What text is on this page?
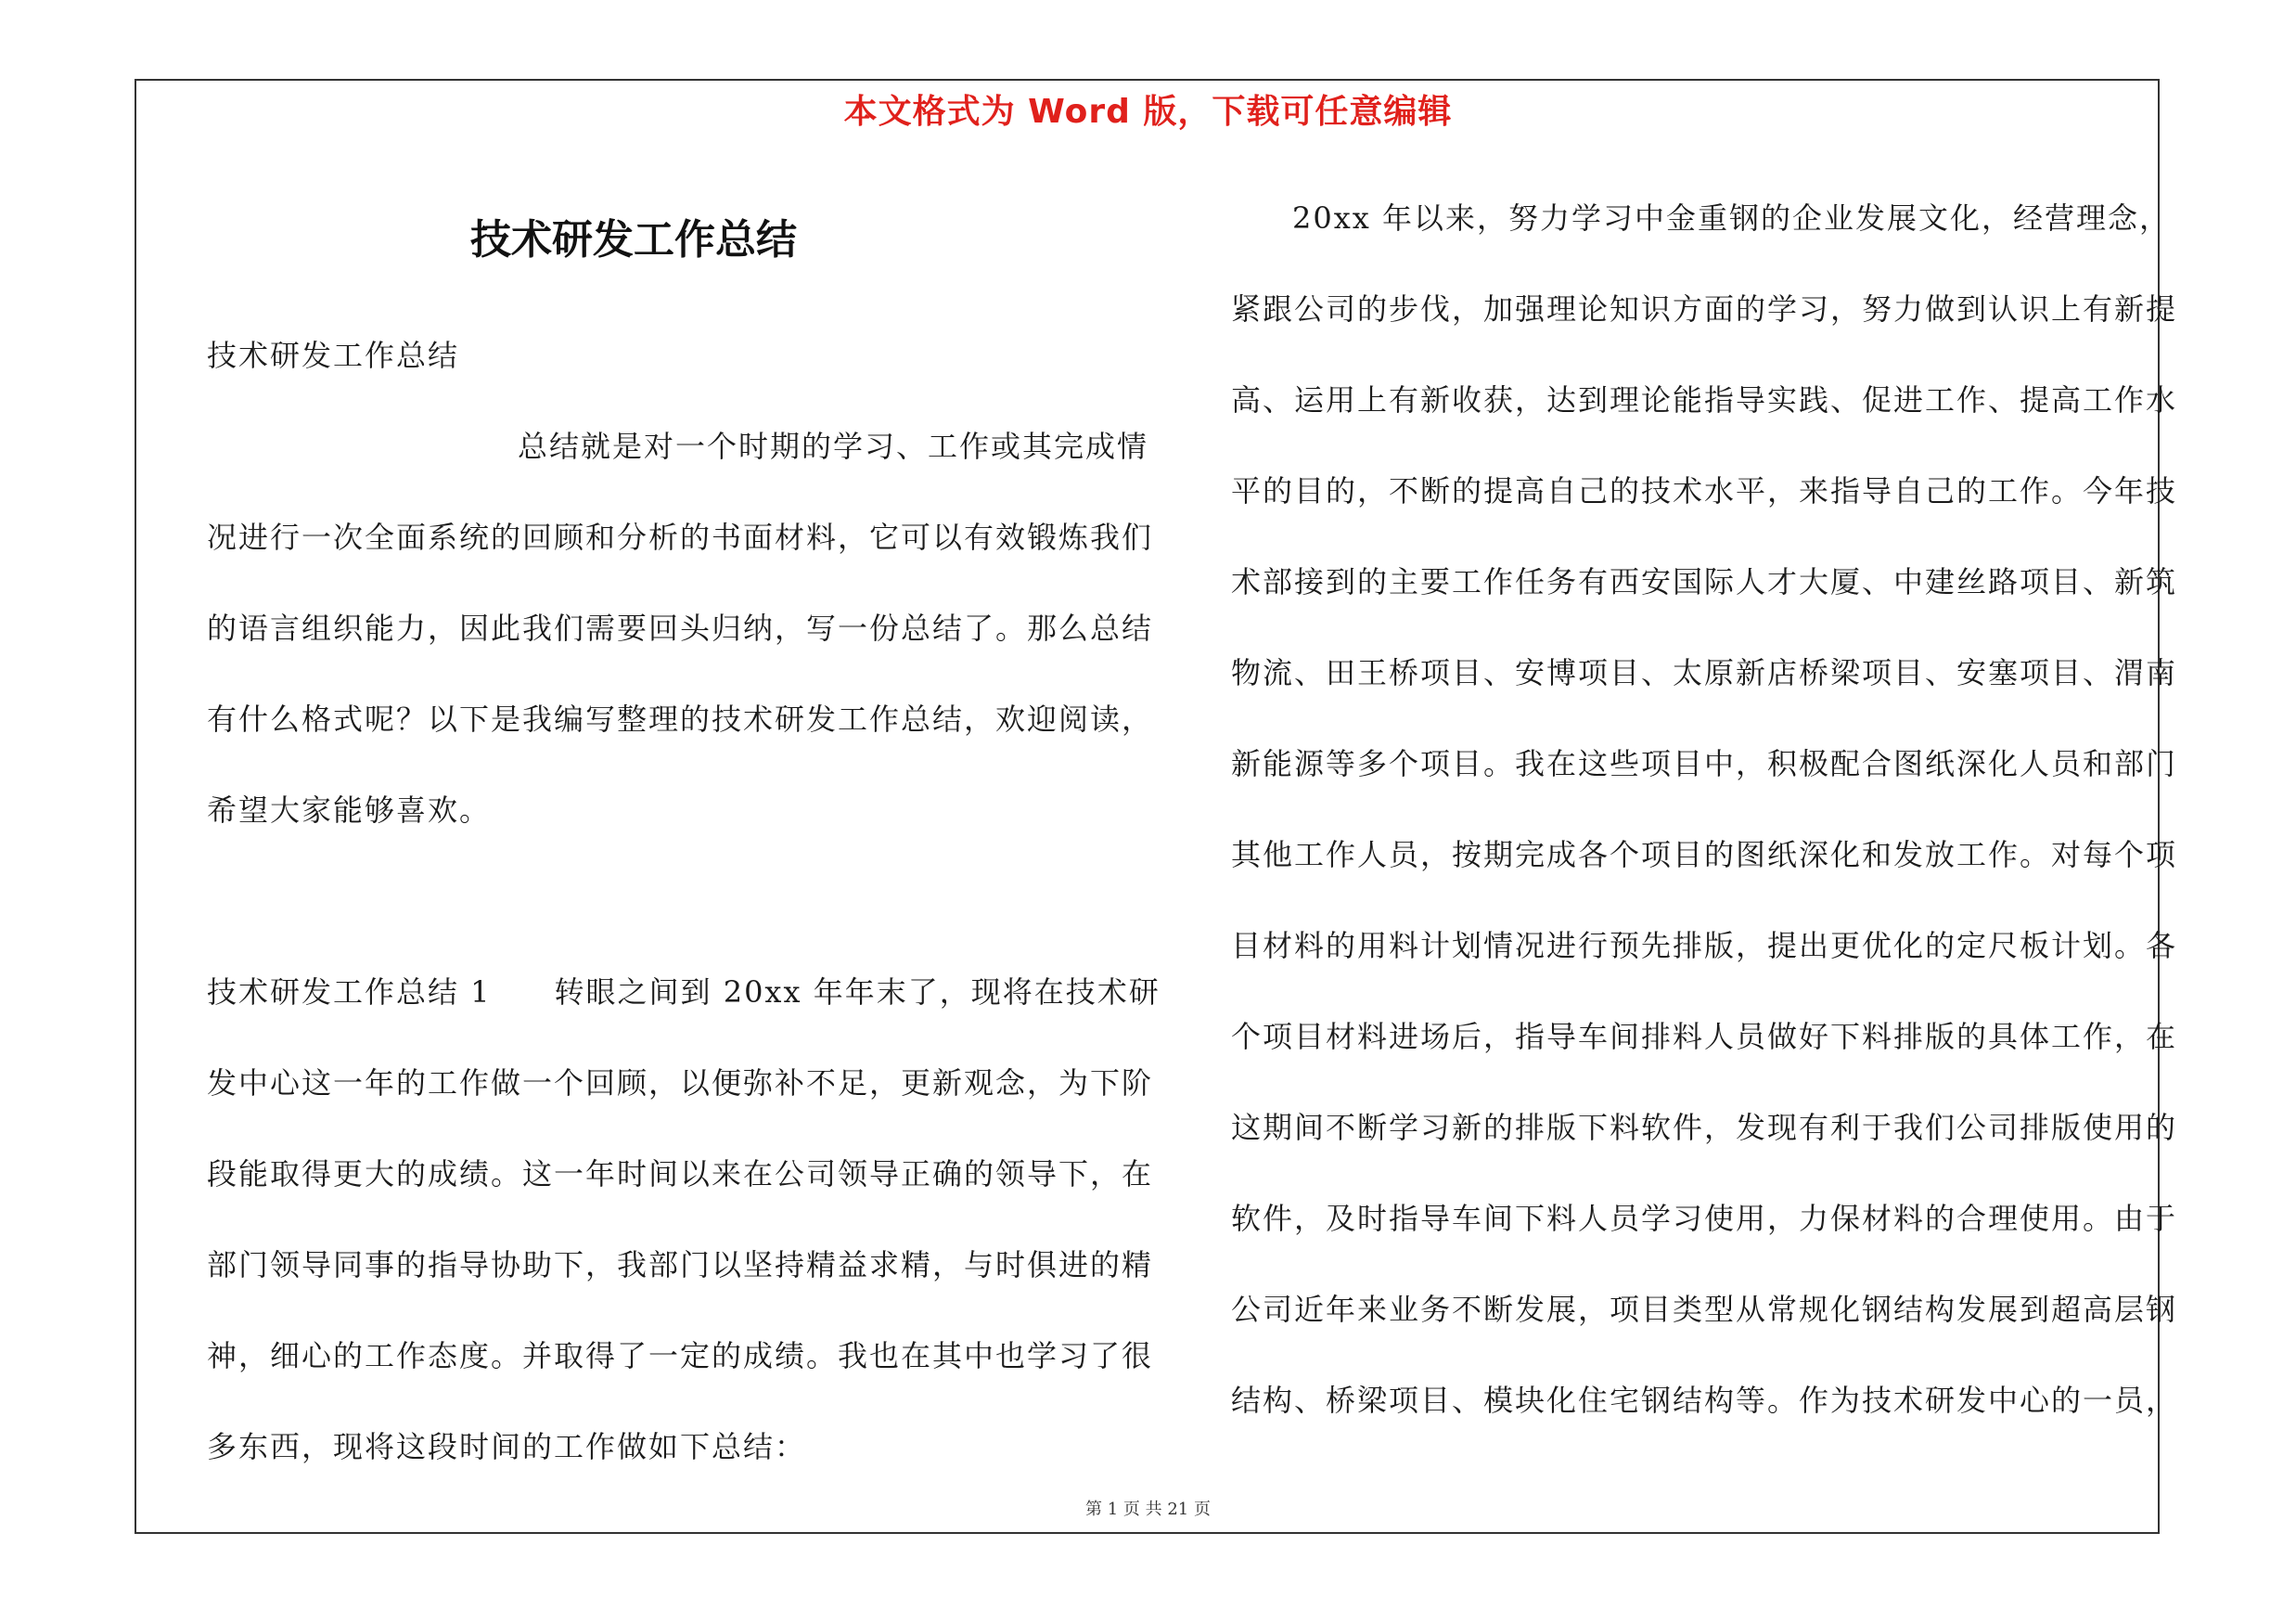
本文格式为 Word 版，下载可任意编辑
技术研发工作总结
技术研发工作总结
总结就是对一个时期的学习、工作或其完成情
况进行一次全面系统的回顾和分析的书面材料，它可以有效锻炼我们
的语言组织能力，因此我们需要回头归纳，写一份总结了。那么总结
有什么格式呢？以下是我编写整理的技术研发工作总结，欢迎阅读，
希望大家能够喜欢。
技术研发工作总结 1　　转眼之间到 20xx 年年末了，现将在技术研
发中心这一年的工作做一个回顾，以便弥补不足，更新观念，为下阶
段能取得更大的成绩。这一年时间以来在公司领导正确的领导下，在
部门领导同事的指导协助下，我部门以坚持精益求精，与时俱进的精
神，细心的工作态度。并取得了一定的成绩。我也在其中也学习了很
多东西，现将这段时间的工作做如下总结：
20xx 年以来，努力学习中金重钢的企业发展文化，经营理念，
紧跟公司的步伐，加强理论知识方面的学习，努力做到认识上有新提
高、运用上有新收获，达到理论能指导实践、促进工作、提高工作水
平的目的，不断的提高自己的技术水平，来指导自己的工作。今年技
术部接到的主要工作任务有西安国际人才大厦、中建丝路项目、新筑
物流、田王桥项目、安博项目、太原新店桥梁项目、安塞项目、渭南
新能源等多个项目。我在这些项目中，积极配合图纸深化人员和部门
其他工作人员，按期完成各个项目的图纸深化和发放工作。对每个项
目材料的用料计划情况进行预先排版，提出更优化的定尺板计划。各
个项目材料进场后，指导车间排料人员做好下料排版的具体工作，在
这期间不断学习新的排版下料软件，发现有利于我们公司排版使用的
软件，及时指导车间下料人员学习使用，力保材料的合理使用。由于
公司近年来业务不断发展，项目类型从常规化钢结构发展到超高层钢
结构、桥梁项目、模块化住宅钢结构等。作为技术研发中心的一员，
第 1 页 共 21 页
